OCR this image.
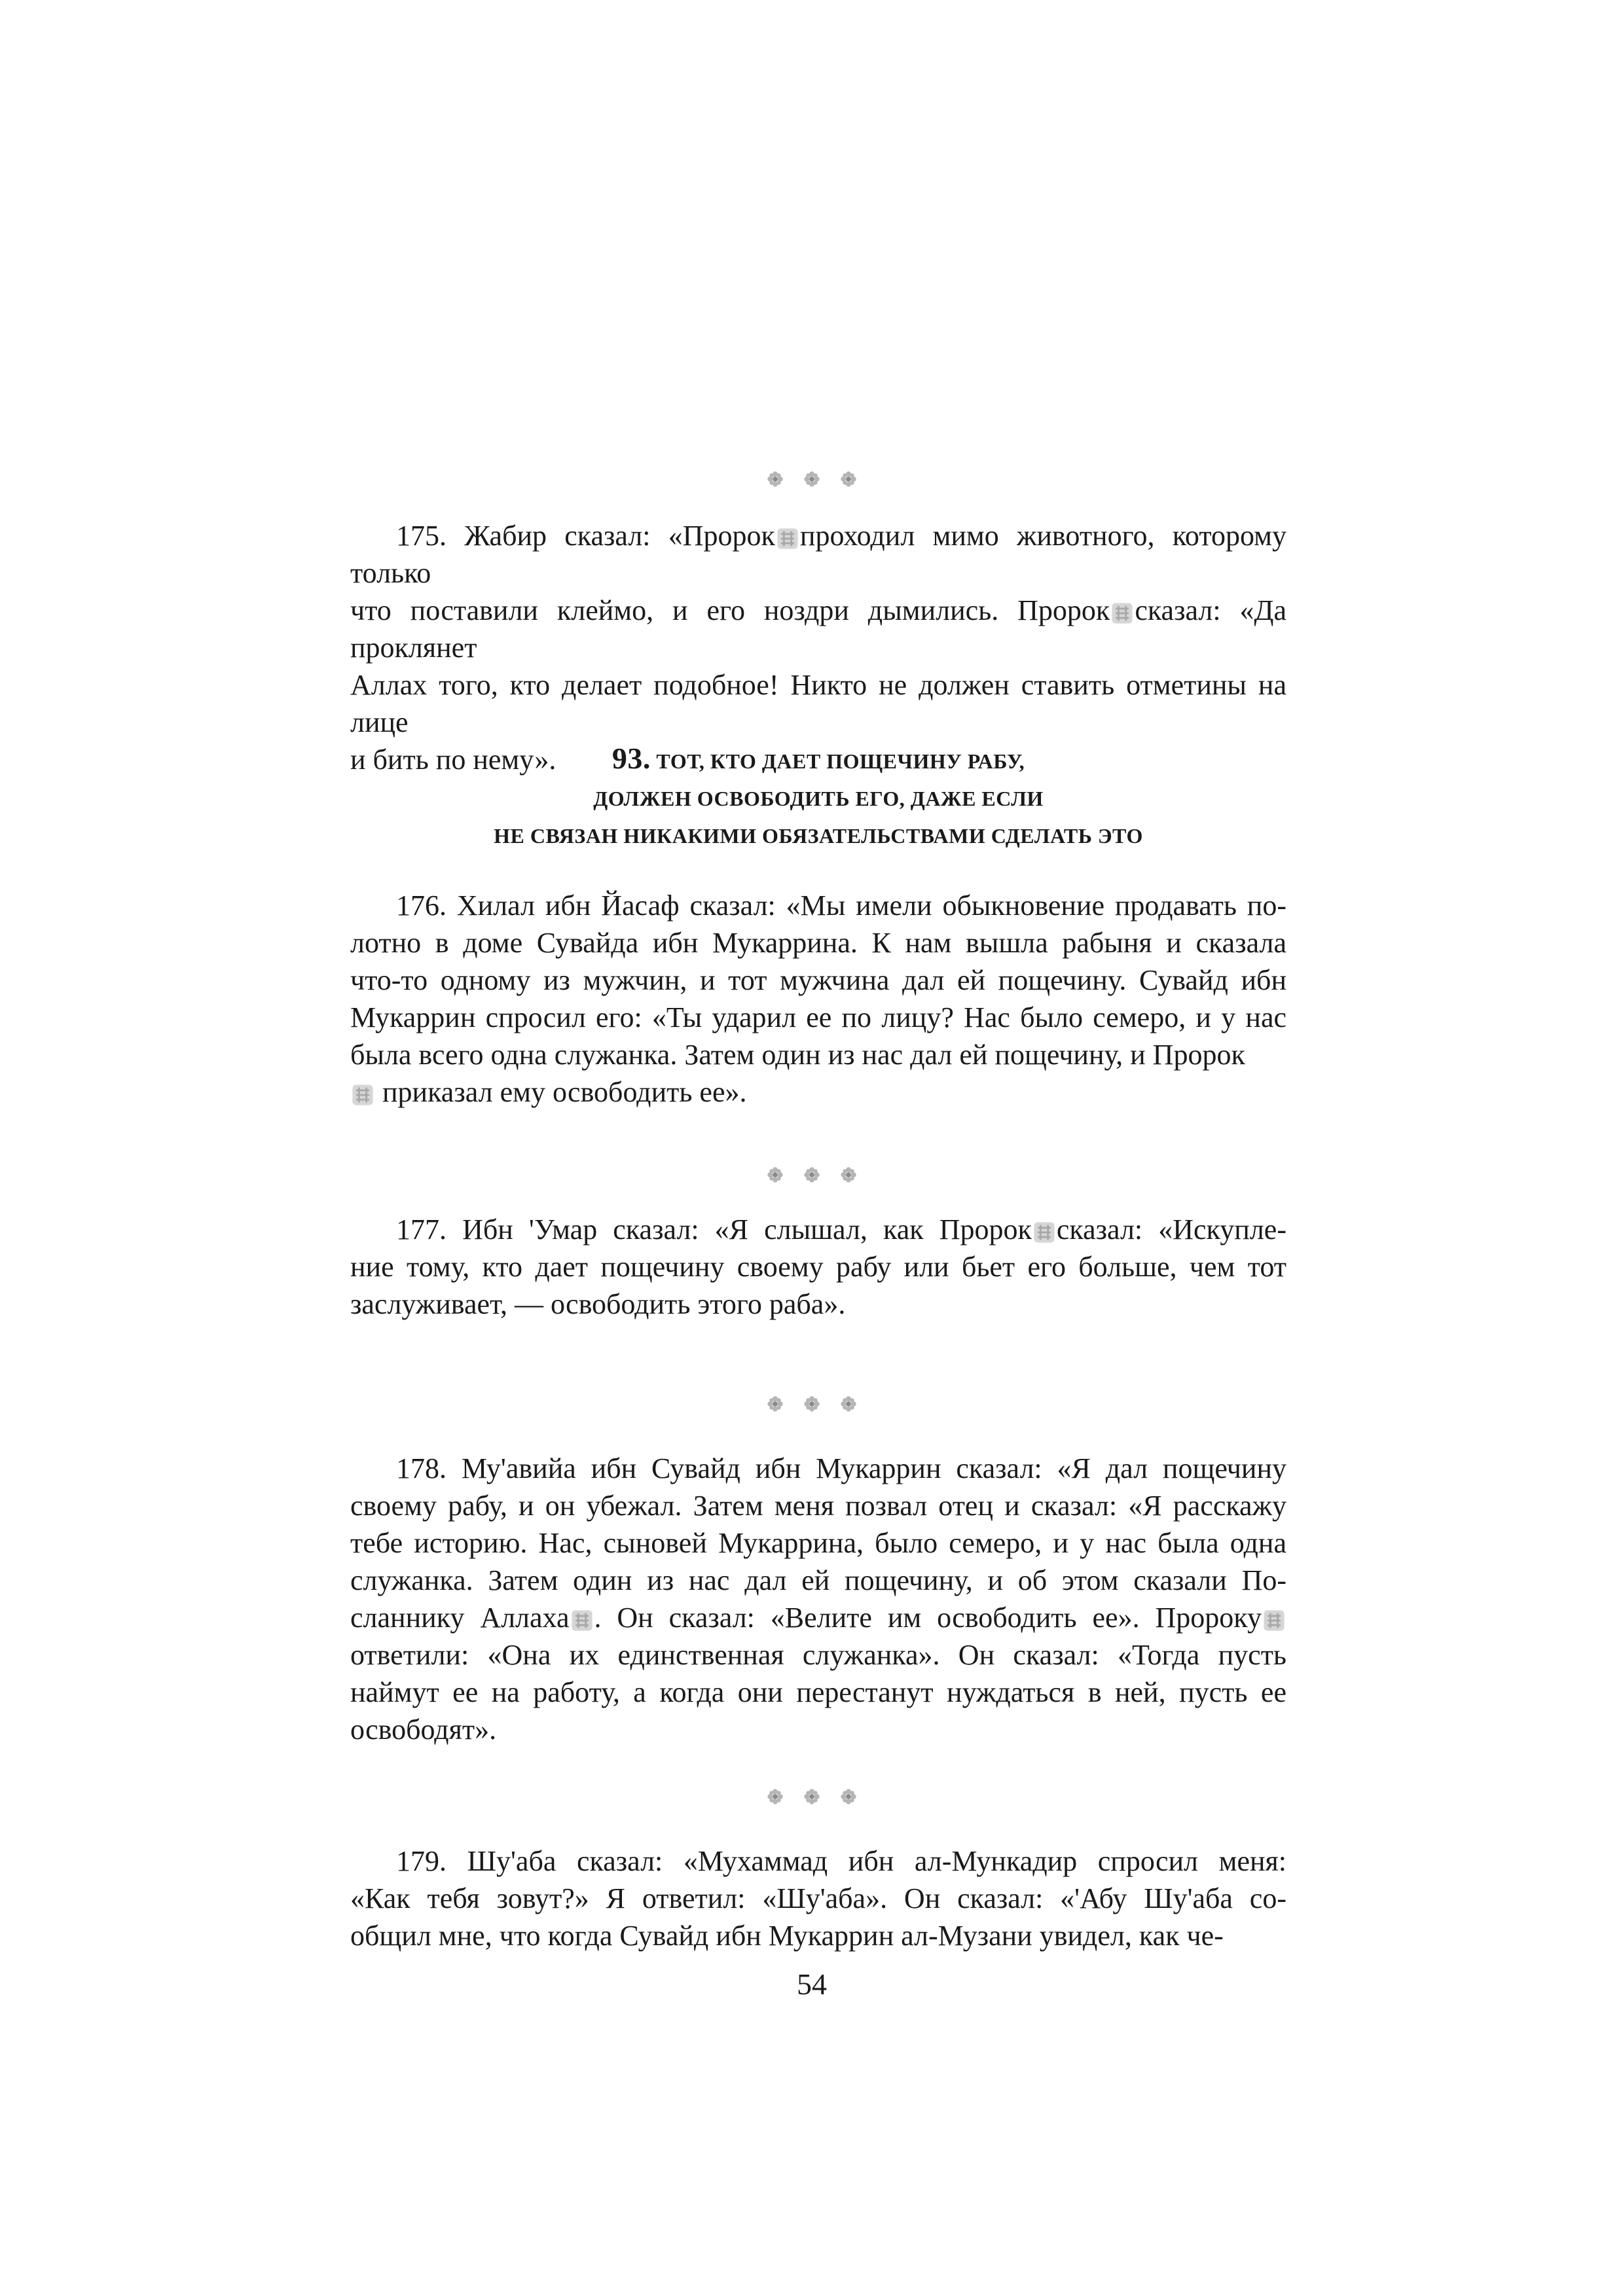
175. Жабир сказал: «Пророк проходил мимо животного, которому только
что поставили клеймо, и его ноздри дымились. Пророк сказал: «Да проклянет
Аллах того, кто делает подобное! Никто не должен ставить отметины на лице
и бить по нему».	93. ТОТ, КТО ДАЕТ ПОЩЕЧИНУ РАБУ,
ДОЛЖЕН ОСВОБОДИТЬ ЕГО, ДАЖЕ ЕСЛИ
НЕ СВЯЗАН НИКАКИМИ ОБЯЗАТЕЛЬСТВАМИ СДЕЛАТЬ ЭТО
176. Хилал ибн Йасаф сказал: «Мы имели обыкновение продавать по-
лотно в доме Сувайда ибн Мукаррина. К нам вышла рабыня и сказала
что-то одному из мужчин, и тот мужчина дал ей пощечину. Сувайд ибн
Мукаррин спросил его: «Ты ударил ее по лицу? Нас было семеро, и у нас
была всего одна служанка. Затем один из нас дал ей пощечину, и Пророк
приказал ему освободить ее».
177. Ибн 'Умар сказал: «Я слышал, как Пророк сказал: «Искупле-
ние тому, кто дает пощечину своему рабу или бьет его больше, чем тот
заслуживает, — освободить этого раба».
178. Му'авийа ибн Сувайд ибн Мукаррин сказал: «Я дал пощечину
своему рабу, и он убежал. Затем меня позвал отец и сказал: «Я расскажу
тебе историю. Нас, сыновей Мукаррина, было семеро, и у нас была одна
служанка. Затем один из нас дал ей пощечину, и об этом сказали По-
сланнику Аллаха . Он сказал: «Велите им освободить ее». Пророку
ответили: «Она их единственная служанка». Он сказал: «Тогда пусть
наймут ее на работу, а когда они перестанут нуждаться в ней, пусть ее
освободят».
179. Шу'аба сказал: «Мухаммад ибн ал-Мункадир спросил меня:
«Как тебя зовут?» Я ответил: «Шу'аба». Он сказал: «'Абу Шу'аба со-
общил мне, что когда Сувайд ибн Мукаррин ал-Музани увидел, как че-
54
